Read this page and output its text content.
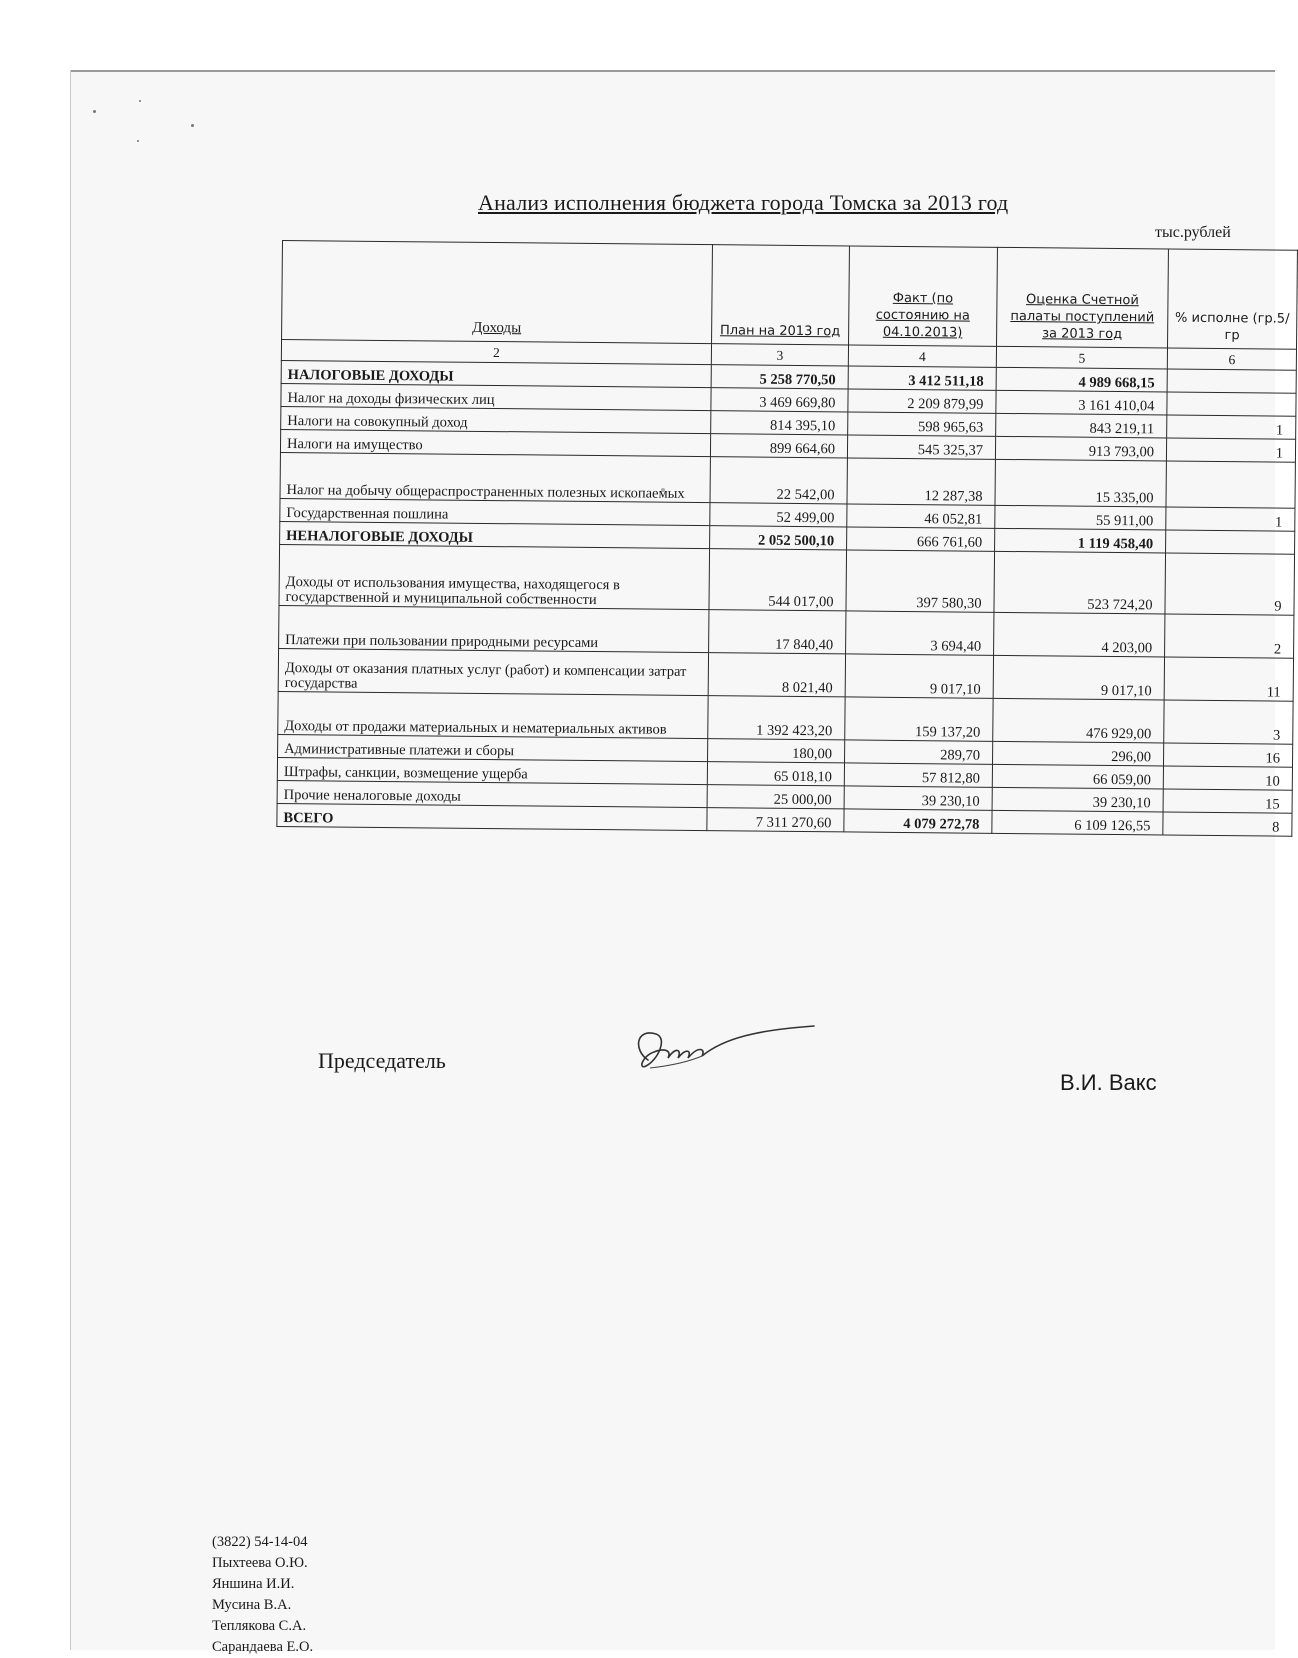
Анализ исполнения бюджета города Томска за 2013 год
тыс.рублей
Доходы	План на 2013 год	Факт (по состоянию на 04.10.2013)	Оценка Счетной палаты поступлений за 2013 год	% исполне (гр.5/гр
2	3	4	5	6
НАЛОГОВЫЕ ДОХОДЫ	5 258 770,50	3 412 511,18	4 989 668,15	
Налог на доходы физических лиц	3 469 669,80	2 209 879,99	3 161 410,04	
Налоги на совокупный доход	814 395,10	598 965,63	843 219,11	1
Налоги на имущество	899 664,60	545 325,37	913 793,00	1
Налог на добычу общераспространенных полезных ископаемых	22 542,00	12 287,38	15 335,00	
Государственная пошлина	52 499,00	46 052,81	55 911,00	1
НЕНАЛОГОВЫЕ ДОХОДЫ	2 052 500,10	666 761,60	1 119 458,40	
Доходы от использования имущества, находящегося в государственной и муниципальной собственности	544 017,00	397 580,30	523 724,20	9
Платежи при пользовании природными ресурсами	17 840,40	3 694,40	4 203,00	2
Доходы от оказания платных услуг (работ) и компенсации затрат государства	8 021,40	9 017,10	9 017,10	11
Доходы от продажи материальных и нематериальных активов	1 392 423,20	159 137,20	476 929,00	3
Административные платежи и сборы	180,00	289,70	296,00	16
Штрафы, санкции, возмещение ущерба	65 018,10	57 812,80	66 059,00	10
Прочие неналоговые доходы	25 000,00	39 230,10	39 230,10	15
ВСЕГО	7 311 270,60	4 079 272,78	6 109 126,55	8
Председатель
В.И. Вакс
(3822) 54-14-04
Пыхтеева О.Ю.
Яншина И.И.
Мусина В.А.
Теплякова С.А.
Сарандаева Е.О.
